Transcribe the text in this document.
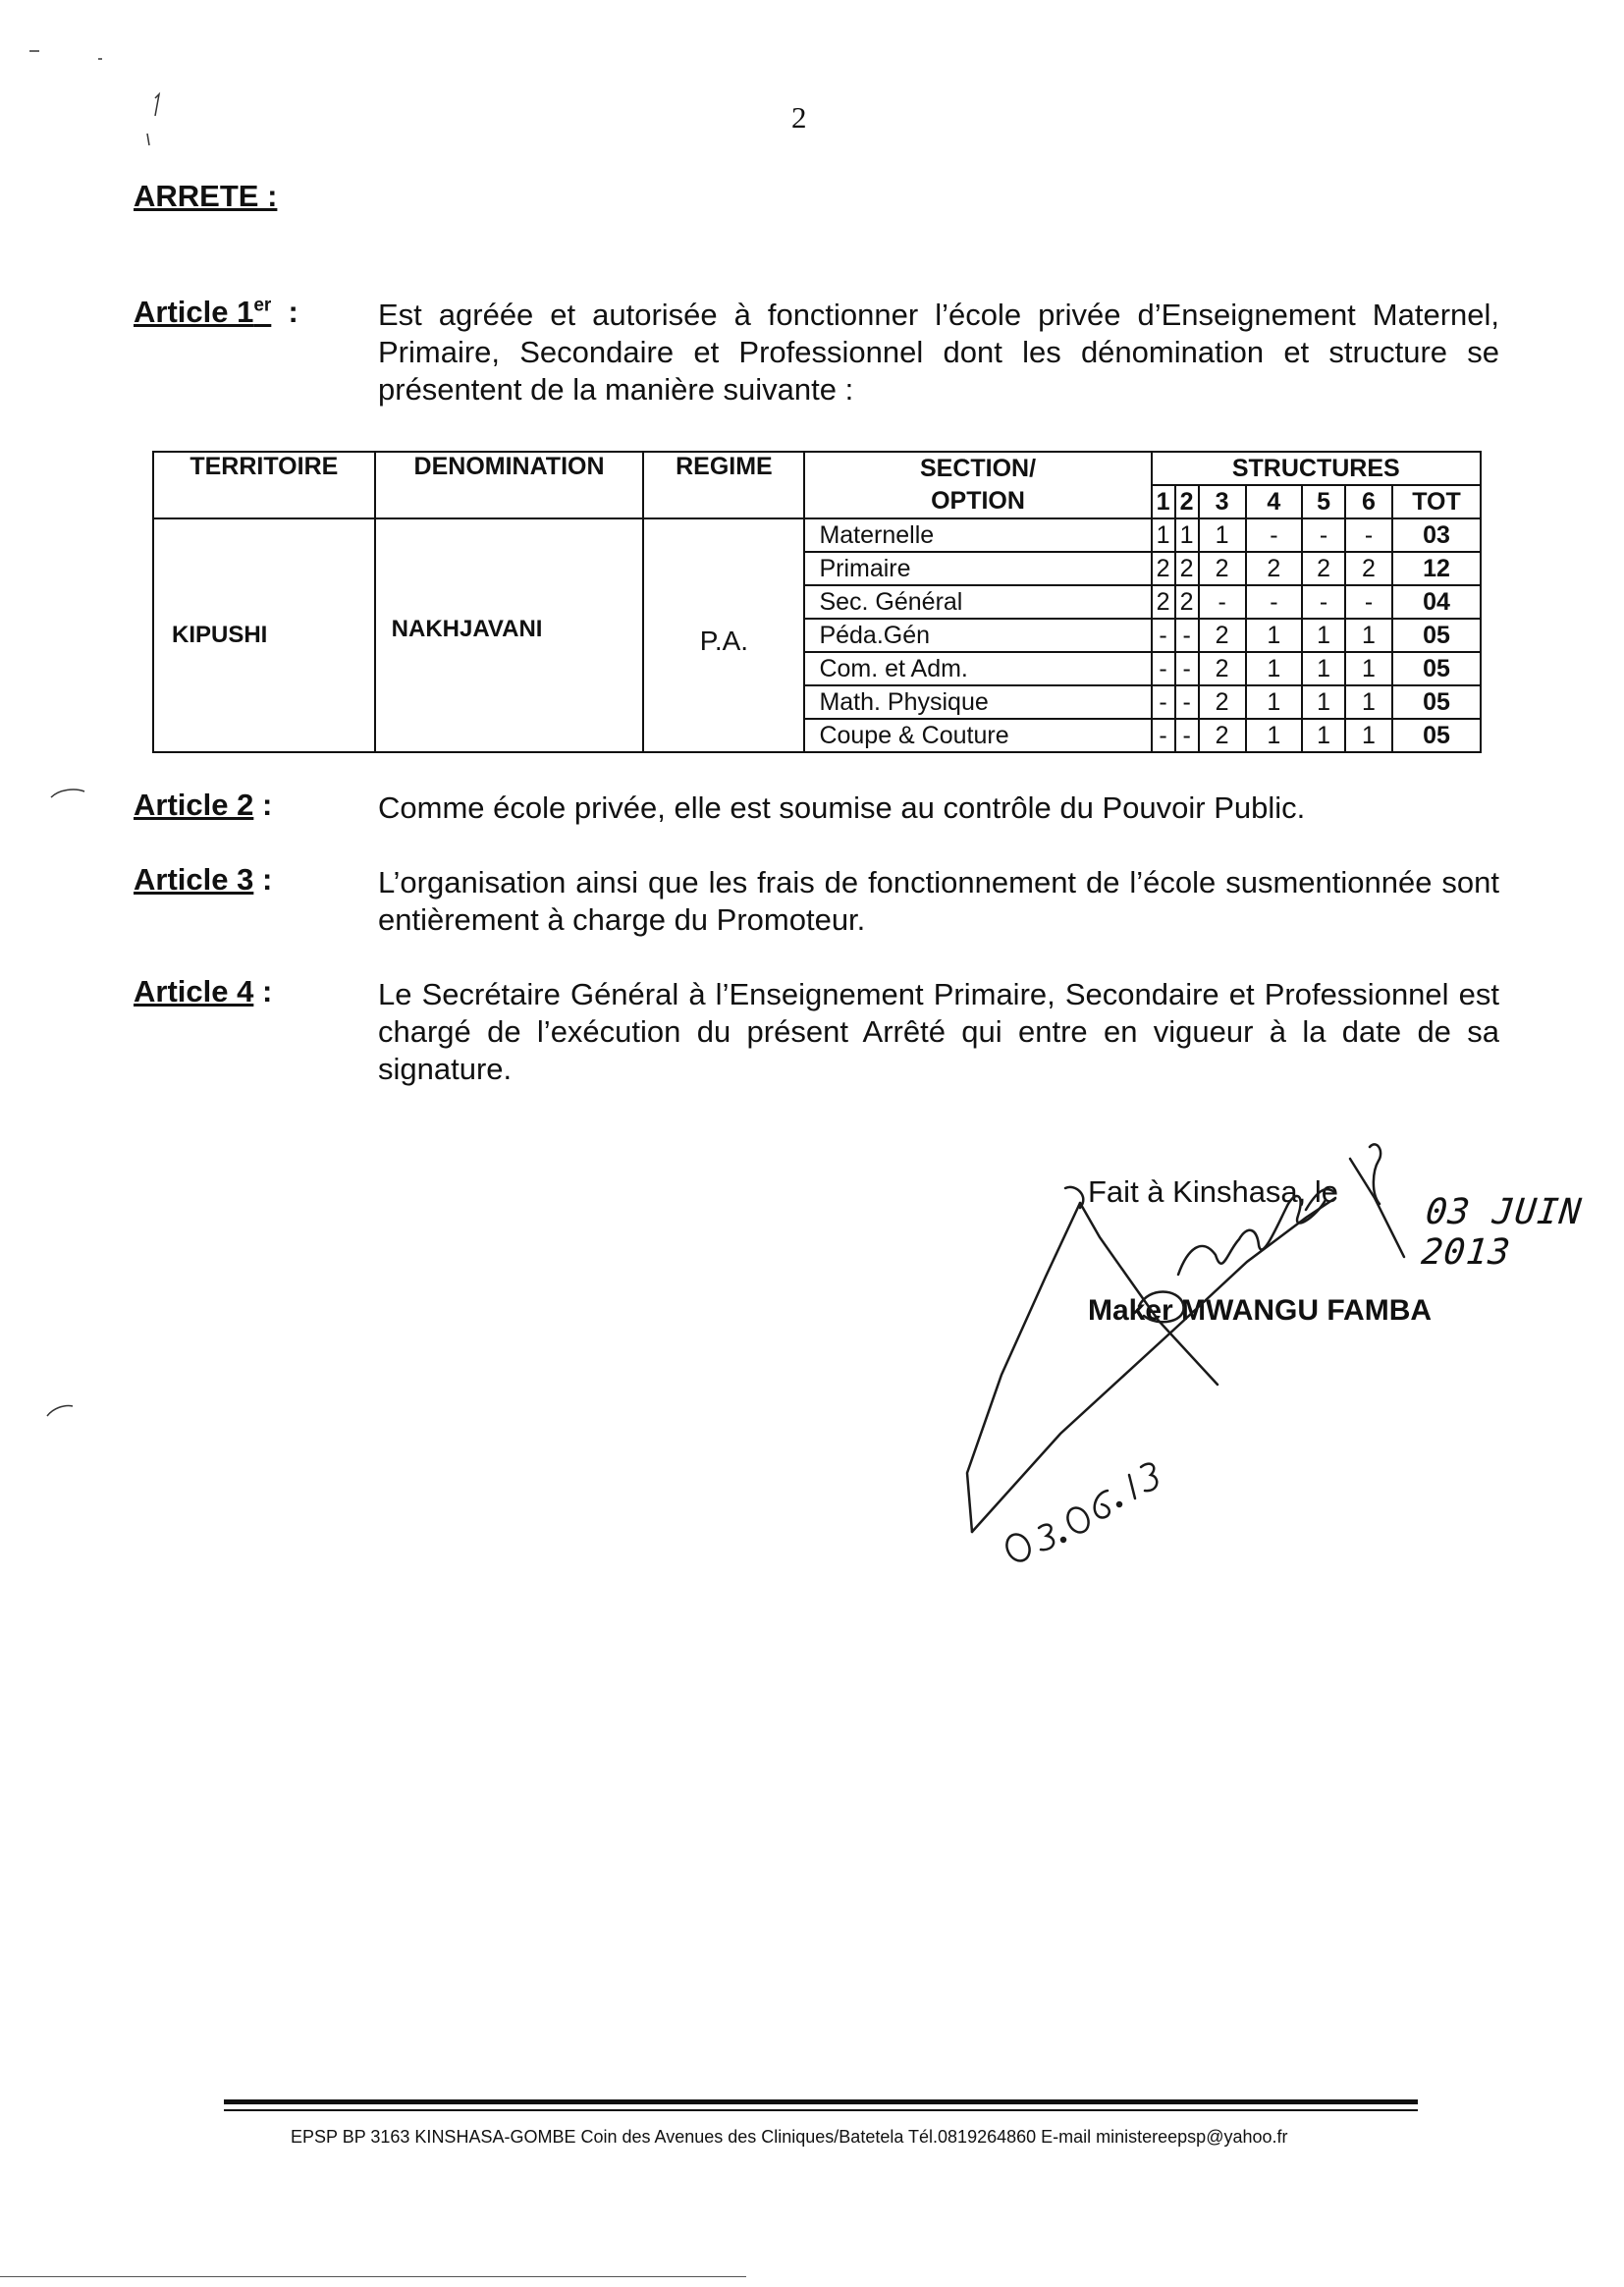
2
ARRETE :
Article 1er :	Est agréée et autorisée à fonctionner l’école privée d’Enseignement Maternel, Primaire, Secondaire et Professionnel dont les dénomination et structure se présentent de la manière suivante :
TERRITOIRE	DENOMINATION	REGIME	SECTION/	STRUCTURES						
			OPTION	1	2	3	4	5	6	TOT
KIPUSHI	NAKHJAVANI	P.A.	Maternelle	1	1	1	-	-	-	03
			Primaire	2	2	2	2	2	2	12
			Sec. Général	2	2	-	-	-	-	04
			Péda.Gén	-	-	2	1	1	1	05
			Com. et Adm.	-	-	2	1	1	1	05
			Math. Physique	-	-	2	1	1	1	05
			Coupe & Couture	-	-	2	1	1	1	05
Article 2 :	Comme école privée, elle est soumise au contrôle du Pouvoir Public.
Article 3 :	L’organisation ainsi que les frais de fonctionnement de l’école susmentionnée sont entièrement à charge du Promoteur.
Article 4 :	Le Secrétaire Général à l’Enseignement Primaire, Secondaire et Professionnel est chargé de l’exécution du présent Arrêté qui entre en vigueur à la date de sa signature.
Fait à Kinshasa, le
03 JUIN 2013
Maker MWANGU FAMBA
EPSP BP 3163 KINSHASA-GOMBE Coin des Avenues des Cliniques/Batetela Tél.0819264860 E-mail ministereepsp@yahoo.fr
